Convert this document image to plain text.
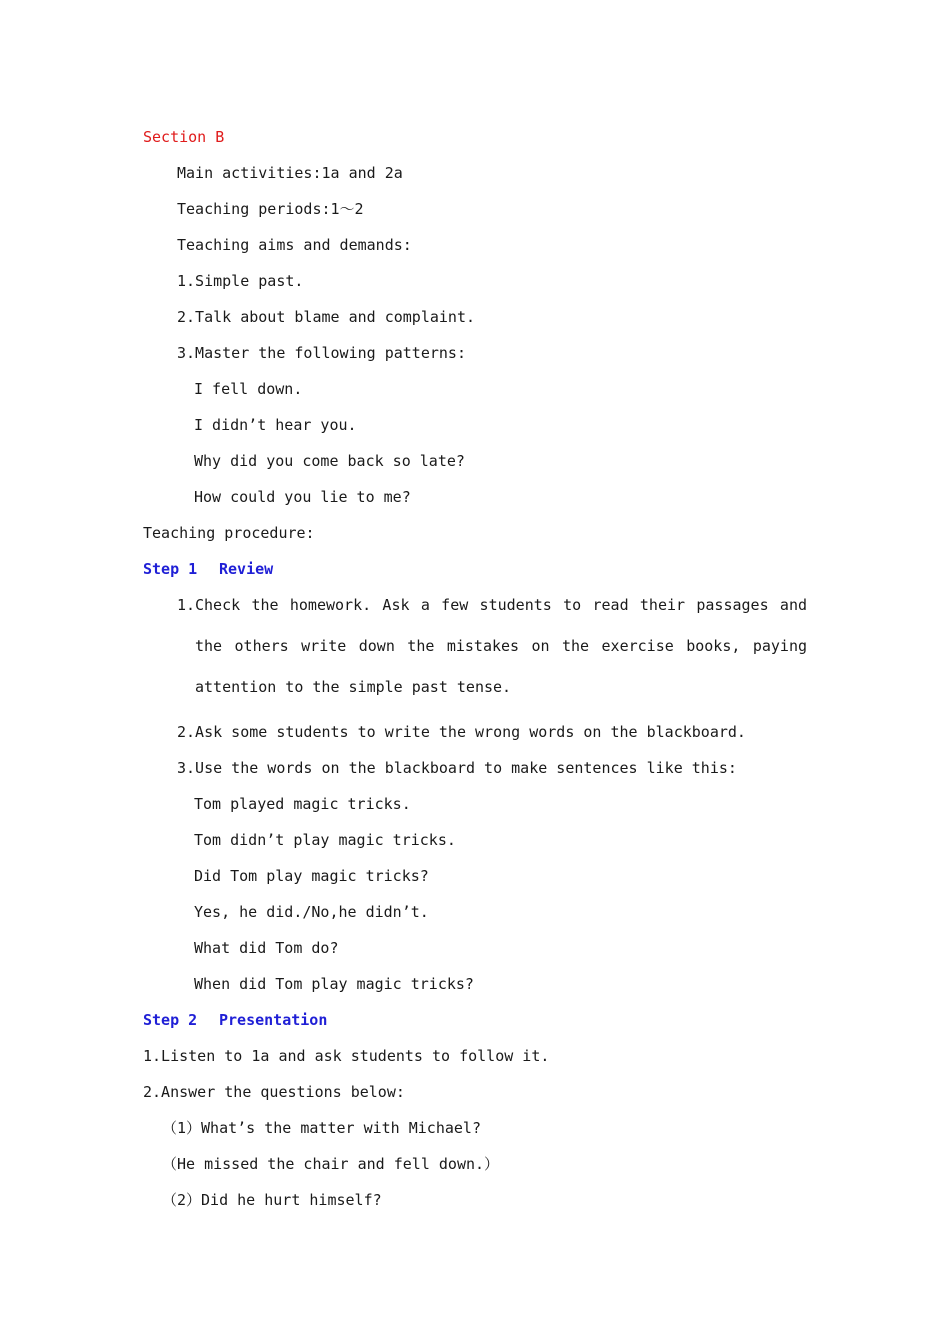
Section B
Main activities:1a and 2a
Teaching periods:1～2
Teaching aims and demands:
1.Simple past.
2.Talk about blame and complaint.
3.Master the following patterns:
I fell down.
I didn’t hear you.
Why did you come back so late?
How could you lie to me?
Teaching procedure:
Step 1 Review
1. Check the homework. Ask a few students to read their passages and the others write down the mistakes on the exercise books, paying attention to the simple past tense.
2.Ask some students to write the wrong words on the blackboard.
3.Use the words on the blackboard to make sentences like this:
Tom played magic tricks.
Tom didn’t play magic tricks.
Did Tom play magic tricks?
Yes, he did./No,he didn’t.
What did Tom do?
When did Tom play magic tricks?
Step 2 Presentation
1.Listen to 1a and ask students to follow it.
2.Answer the questions below:
（1）What’s the matter with Michael?
（He missed the chair and fell down.）
（2）Did he hurt himself?
